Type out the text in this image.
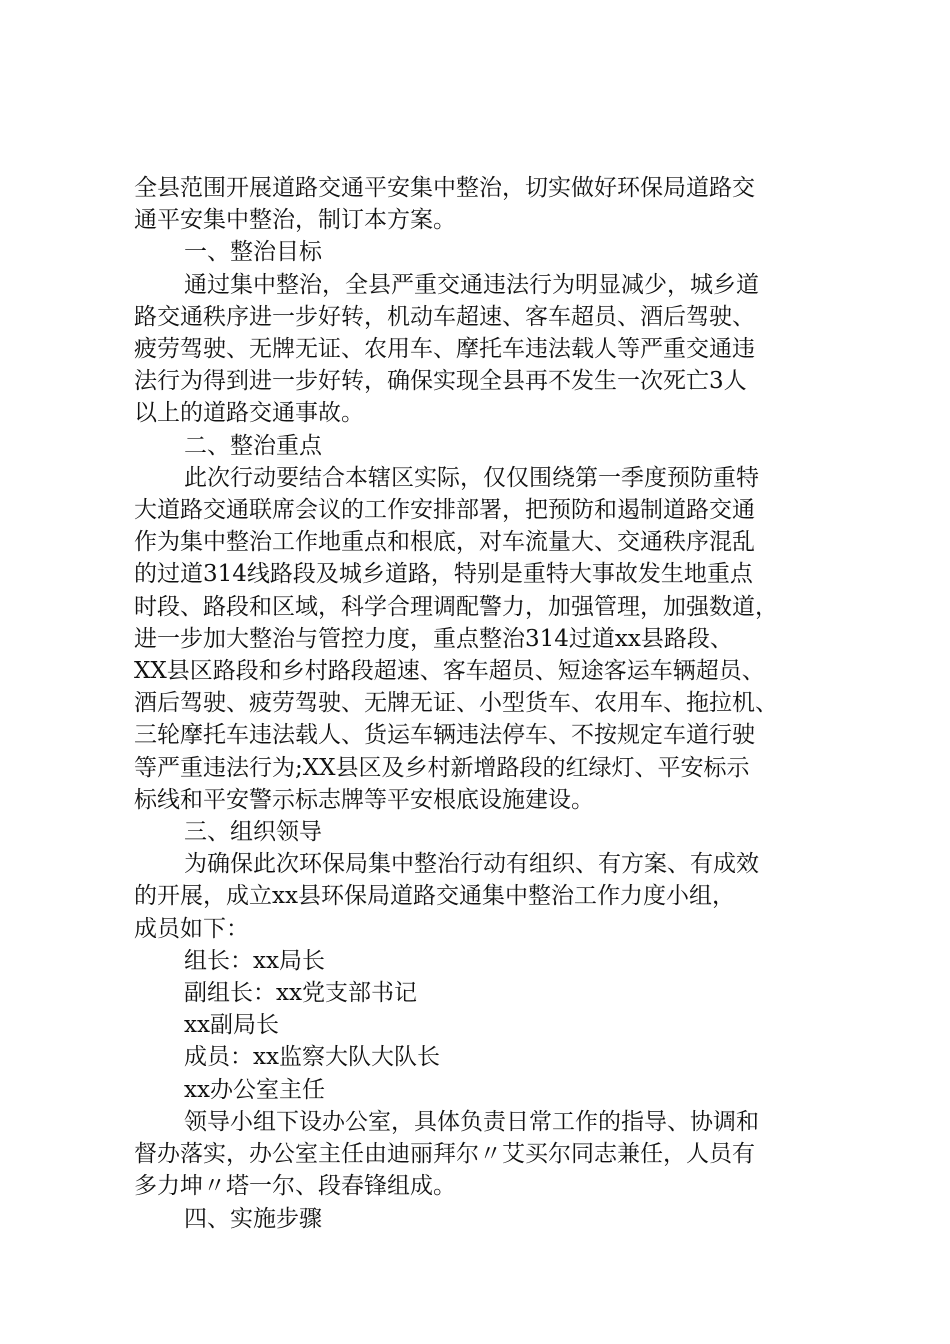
全县范围开展道路交通平安集中整治，切实做好环保局道路交

通平安集中整治，制订本方案。

一、整治目标

通过集中整治，全县严重交通违法行为明显减少，城乡道

路交通秩序进一步好转，机动车超速、客车超员、酒后驾驶、

疲劳驾驶、无牌无证、农用车、摩托车违法载人等严重交通违

法行为得到进一步好转，确保实现全县再不发生一次死亡3人

以上的道路交通事故。

二、整治重点

此次行动要结合本辖区实际，仅仅围绕第一季度预防重特

大道路交通联席会议的工作安排部署，把预防和遏制道路交通

作为集中整治工作地重点和根底，对车流量大、交通秩序混乱

的过道314线路段及城乡道路，特别是重特大事故发生地重点

时段、路段和区域，科学合理调配警力，加强管理，加强数道，

进一步加大整治与管控力度，重点整治314过道xx县路段、

XX县区路段和乡村路段超速、客车超员、短途客运车辆超员、

酒后驾驶、疲劳驾驶、无牌无证、小型货车、农用车、拖拉机、

三轮摩托车违法载人、货运车辆违法停车、不按规定车道行驶

等严重违法行为;XX县区及乡村新增路段的红绿灯、平安标示

标线和平安警示标志牌等平安根底设施建设。

三、组织领导

为确保此次环保局集中整治行动有组织、有方案、有成效

的开展，成立xx县环保局道路交通集中整治工作力度小组，

成员如下：

组长：xx局长

副组长：xx党支部书记

xx副局长

成员：xx监察大队大队长

xx办公室主任

领导小组下设办公室，具体负责日常工作的指导、协调和

督办落实，办公室主任由迪丽拜尔〃艾买尔同志兼任，人员有

多力坤〃塔一尔、段春锋组成。

四、实施步骤
